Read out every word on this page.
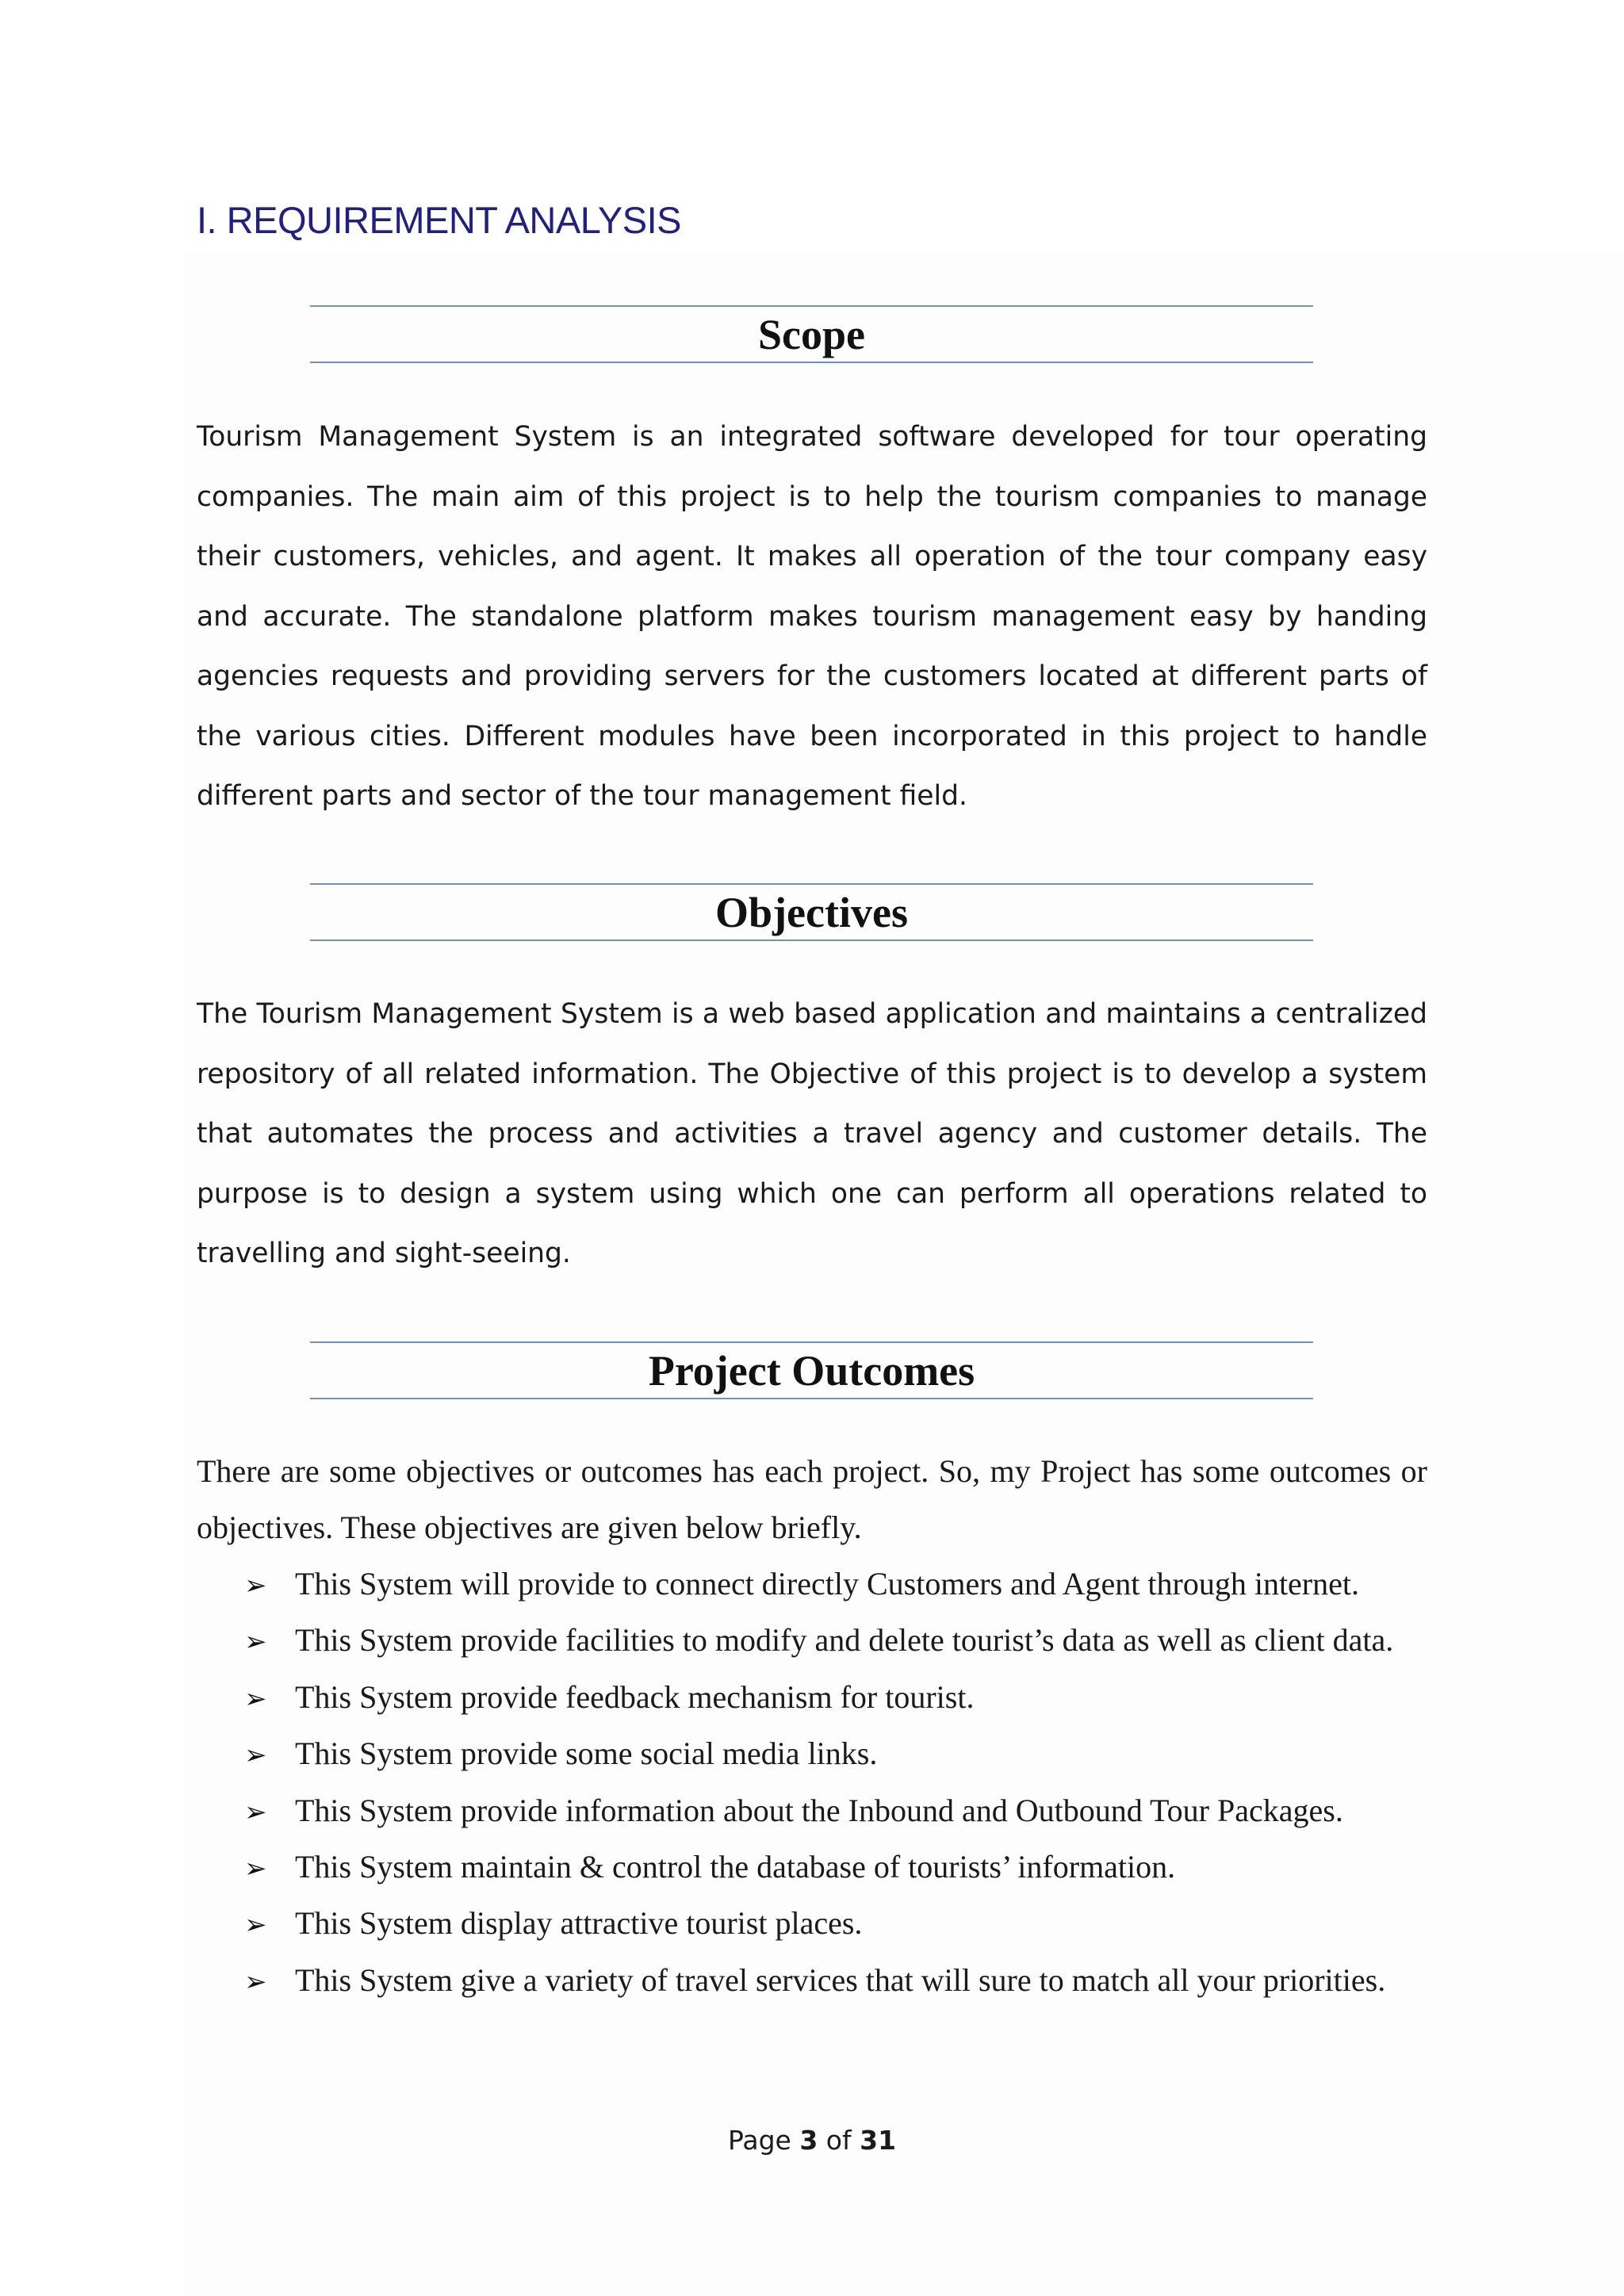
I. REQUIREMENT ANALYSIS
Scope

Tourism Management System is an integrated software developed for tour operating companies. The main aim of this project is to help the tourism companies to manage their customers, vehicles, and agent. It makes all operation of the tour company easy and accurate. The standalone platform makes tourism management easy by handing agencies requests and providing servers for the customers located at different parts of the various cities. Different modules have been incorporated in this project to handle different parts and sector of the tour management field.

Objectives

The Tourism Management System is a web based application and maintains a centralized repository of all related information. The Objective of this project is to develop a system that automates the process and activities a travel agency and customer details. The purpose is to design a system using which one can perform all operations related to travelling and sight-seeing.

Project Outcomes

There are some objectives or outcomes has each project. So, my Project has some outcomes or objectives. These objectives are given below briefly.

➢ This System will provide to connect directly Customers and Agent through internet.
➢ This System provide facilities to modify and delete tourist’s data as well as client data.
➢ This System provide feedback mechanism for tourist.
➢ This System provide some social media links.
➢ This System provide information about the Inbound and Outbound Tour Packages.
➢ This System maintain & control the database of tourists’ information.
➢ This System display attractive tourist places.
➢ This System give a variety of travel services that will sure to match all your priorities.
Page 3 of 31
